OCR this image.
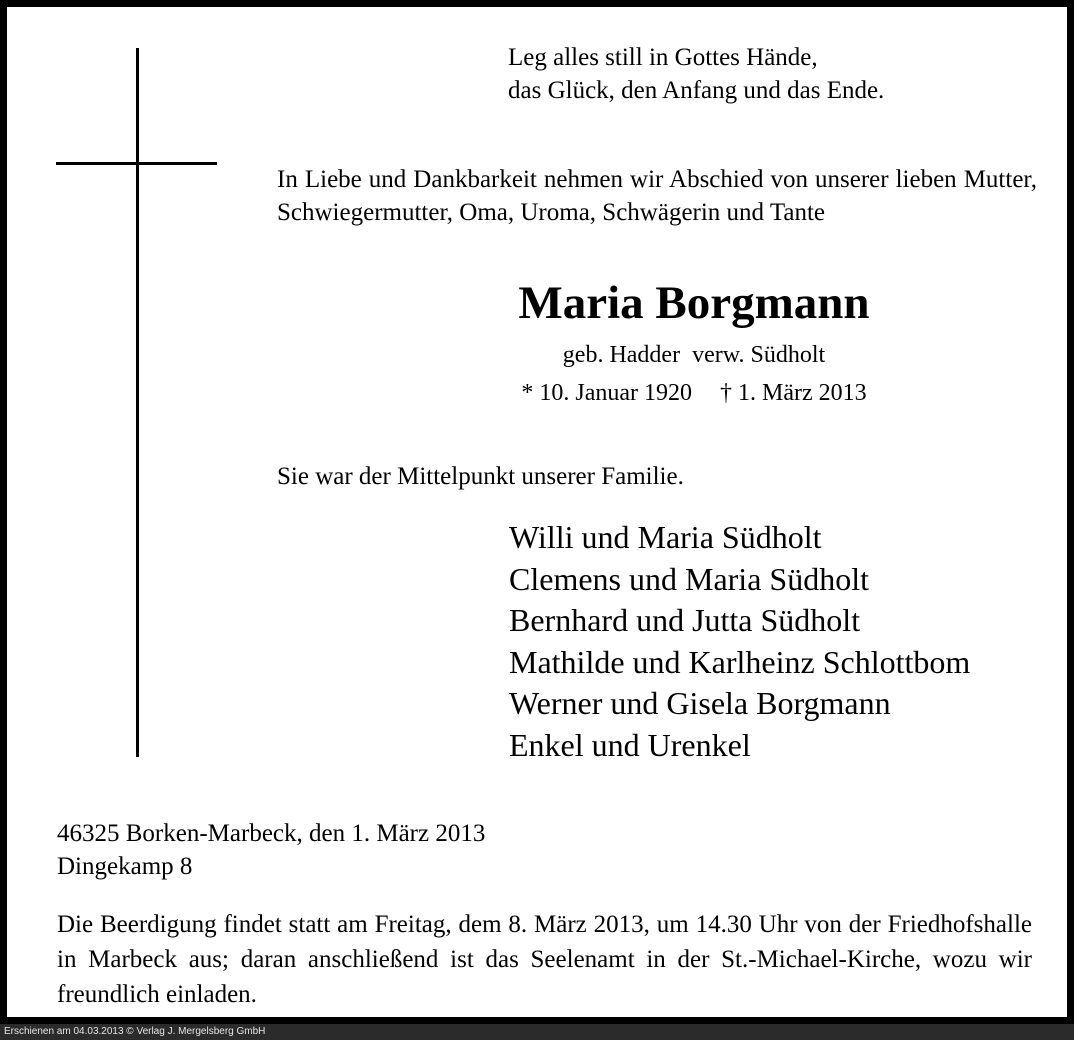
Leg alles still in Gottes Hände,
das Glück, den Anfang und das Ende.
In Liebe und Dankbarkeit nehmen wir Abschied von unserer lieben Mutter, Schwiegermutter, Oma, Uroma, Schwägerin und Tante
Maria Borgmann
geb. Hadder verw. Südholt
* 10. Januar 1920 † 1. März 2013
Sie war der Mittelpunkt unserer Familie.
Willi und Maria Südholt
Clemens und Maria Südholt
Bernhard und Jutta Südholt
Mathilde und Karlheinz Schlottbom
Werner und Gisela Borgmann
Enkel und Urenkel
46325 Borken-Marbeck, den 1. März 2013
Dingekamp 8
Die Beerdigung findet statt am Freitag, dem 8. März 2013, um 14.30 Uhr von der Friedhofshalle in Marbeck aus; daran anschließend ist das Seelenamt in der St.-Michael-Kirche, wozu wir freundlich einladen.
Erschienen am 04.03.2013 © Verlag J. Mergelsberg GmbH
